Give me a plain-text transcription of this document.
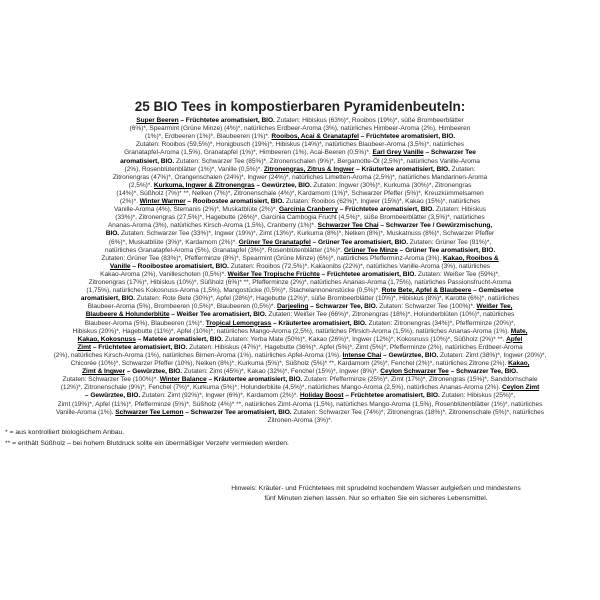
25 BIO Tees in kompostierbaren Pyramidenbeuteln:
Super Beeren – Früchtetee aromatisiert, BIO. Zutaten: Hibiskus (63%)*, Rooibos (19%)*, süße Brombeerblätter
(6%)*, Spearmint (Grüne Minze) (4%)*, natürliches Erdbeer-Aroma (3%), natürliches Himbeer-Aroma (2%), Himbeeren
(1%)*, Erdbeeren (1%)*, Blaubeeren (1%)*. Rooibos, Acai & Granatapfel – Früchtetee aromatisiert, BIO.
Zutaten: Rooibos (59,5%)*, Honigbusch (19%)*, Hibiskus (14%)*, natürliches Blaubeer-Aroma (3,5%)*, natürliches
Granatapfel-Aroma (1,5%), Granatapfel (1%)*, Himbeeren (1%), Acai-Beeren (0,5%)*. Earl Grey Vanille – Schwarzer Tee
aromatisiert, BIO. Zutaten: Schwarzer Tee (85%)*, Zitronenschalen (9%)*, Bergamotte-Öl (2,5%)*, natürliches Vanille-Aroma
(2%), Rosenblütenblätter (1%)*, Vanille (0,5%)*. Zitronengras, Zitrus & Ingwer – Kräutertee aromatisiert, BIO. Zutaten:
Zitronengras (47%)*, Orangenschalen (24%)*, Ingwer (24%)*, natürliches Limetten-Aroma (2,5%)*, natürliches Mandarinen-Aroma
(2,5%)*. Kurkuma, Ingwer & Zitronengras – Gewürztee, BIO. Zutaten: Ingwer (30%)*, Kurkuma (30%)*, Zitronengras
(14%)*, Süßholz (7%)* **, Nelken (7%)*, Zitronenschale (4%)*, Kardamom (1%)*, Schwarzer Pfeffer (5%)*, Kreuzkümmelsamen
(2%)*. Winter Warmer – Rooibostee aromatisiert, BIO. Zutaten: Rooibos (62%)*, Ingwer (15%)*, Kakao (15%)*, natürliches
Vanille-Aroma (4%), Sternanis (2%)*, Muskatblüte (2%)*. Garcinia Cranberry – Früchtetee aromatisiert, BIO. Zutaten: Hibiskus
(33%)*, Zitronengras (27,5%)*, Hagebutte (26%)*, Garcinia Cambogia Frucht (4,5%)*, süße Brombeerblätter (3,5%)*, natürliches
Ananas-Aroma (3%), natürliches Kirsch-Aroma (1,5%), Cranberry (1%)*. Schwarzer Tee Chai – Schwarzer Tee / Gewürzmischung,
BIO. Zutaten: Schwarzer Tee (33%)*, Ingwer (19%)*, Zimt (13%)*, Kurkuma (8%)*, Nelken (8%)*, Muskatnuss (8%)*, Schwarzer Pfeffer
(6%)*, Muskatblüte (3%)*, Kardamom (2%)*. Grüner Tee Granatapfel – Grüner Tee aromatisiert, BIO. Zutaten: Grüner Tee (91%)*,
natürliches Granatapfel-Aroma (5%), Granatapfel (3%)*, Rosenblütenblätter (1%)*. Grüner Tee Minze – Grüner Tee aromatisiert, BIO.
Zutaten: Grüner Tee (83%)*, Pfefferminze (8%)*, Spearmint (Grüne Minze) (6%)*, natürliches Pfefferminz-Aroma (3%). Kakao, Rooibos &
Vanille – Rooibostee aromatisiert, BIO. Zutaten: Rooibos (72,5%)*, Kakaonibs (22%)*, natürliches Vanille-Aroma (3%), natürliches
Kakao-Aroma (2%), Vanilleschoten (0,5%)*. Weißer Tee Tropische Früchte – Früchtetee aromatisiert, BIO. Zutaten: Weißer Tee (59%)*,
Zitronengras (17%)*, Hibiskus (10%)*, Süßholz (6%)* **, Pfefferminze (2%)*, natürliches Ananas-Aroma (1,75%), natürliches Passionsfrucht-Aroma
(1,75%), natürliches Kokosnuss-Aroma (1,5%), Mangostücke (0,5%)*, Stachelannonenstücke (0,5%)*. Rote Bete, Apfel & Blaubeere – Gemüsetee
aromatisiert, BIO. Zutaten: Rote Bete (30%)*, Apfel (28%)*, Hagebutte (12%)*, süße Brombeerblätter (10%)*, Hibiskus (8%)*, Karotte (6%)*, natürliches
Blaubeer-Aroma (5%), Brombeeren (0,5%)*, Blaubeeren (0,5%)*. Darjeeling – Schwarzer Tee, BIO. Zutaten: Schwarzer Tee (100%)*. Weißer Tee,
Blaubeere & Holunderblüte – Weißer Tee aromatisiert, BIO. Zutaten: Weißer Tee (66%)*, Zitronengras (18%)*, Holunderblüten (10%)*, natürliches
Blaubeer-Aroma (5%), Blaubeeren (1%)*. Tropical Lemongrass – Kräutertee aromatisiert, BIO. Zutaten: Zitronengras (34%)*, Pfefferminze (20%)*,
Hibiskus (20%)*, Hagebutte (11%)*, Apfel (10%)*, natürliches Mango-Aroma (2,5%), natürliches Pfirsich-Aroma (1,5%), natürliches Ananas-Aroma (1%). Mate,
Kakao, Kokosnuss – Matetee aromatisiert, BIO. Zutaten: Yerba Mate (50%)*, Kakao (26%)*, Ingwer (12%)*, Kokosnuss (10%)*, Süßholz (2%)* **. Apfel
Zimt – Früchtetee aromatisiert, BIO. Zutaten: Hibiskus (47%)*, Hagebutte (36%)*, Apfel (5%)*, Zimt (5%)*, Pfefferminze (2%), natürliches Erdbeer-Aroma
(2%), natürliches Kirsch-Aroma (1%), natürliches Birnen-Aroma (1%), natürliches Apfel-Aroma (1%). Intense Chai – Gewürztee, BIO. Zutaten: Zimt (38%)*, Ingwer (20%)*,
Chicorée (10%)*, Schwarzer Pfeffer (10%), Nelken (8%)*, Kurkuma (5%)*, Süßholz (5%)* **, Kardamom (2%)*, Fenchel (2%)*, natürliches Zitrone (2%). Kakao,
Zimt & Ingwer – Gewürztee, BIO. Zutaten: Zimt (45%)*, Kakao (32%)*, Fenchel (15%)*, Ingwer (8%)*. Ceylon Schwarzer Tee – Schwarzer Tee, BIO.
Zutaten: Schwarzer Tee (100%)*. Winter Balance – Kräutertee aromatisiert, BIO. Zutaten: Pfefferminze (25%)*, Zimt (17%)*, Zitronengras (15%)*, Sanddornschale
(12%)*, Zitronenschale (9%)*, Fenchel (7%)*, Kurkuma (5%)*, Holunderblüte (4,5%)*, natürliches Mango-Aroma (2,5%), natürliches Ananas-Aroma (2%). Ceylon Zimt
– Gewürztee, BIO. Zutaten: Zimt (92%)*, Ingwer (6%)*, Kardamom (2%)*. Holiday Boost – Früchtetee aromatisiert, BIO. Zutaten: Hibiskus (25%)*,
Zimt (19%)*, Apfel (11%)*, Pfefferminze (5%)*, Süßholz (4%)* **, natürliches Zimt-Aroma (1,5%), natürliches Mango-Aroma (1,5%), Rosenblütenblätter (1%)*, natürliches
Vanille-Aroma (1%). Schwarzer Tee Lemon – Schwarzer Tee aromatisiert, BIO. Zutaten: Schwarzer Tee (74%)*, Zitronengras (18%)*, Zitronenschale (5%)*, natürliches
Zitronen-Aroma (3%)*.
* = aus kontrolliert biologischem Anbau.
** = enthält Süßholz – bei hohem Blutdruck sollte ein übermäßiger Verzehr vermieden werden.
Hinweis: Kräuter- und Früchtetees mit sprudelnd kochendem Wasser aufgießen und mindestens fünf Minuten ziehen lassen. Nur so erhalten Sie ein sicheres Lebensmittel.
